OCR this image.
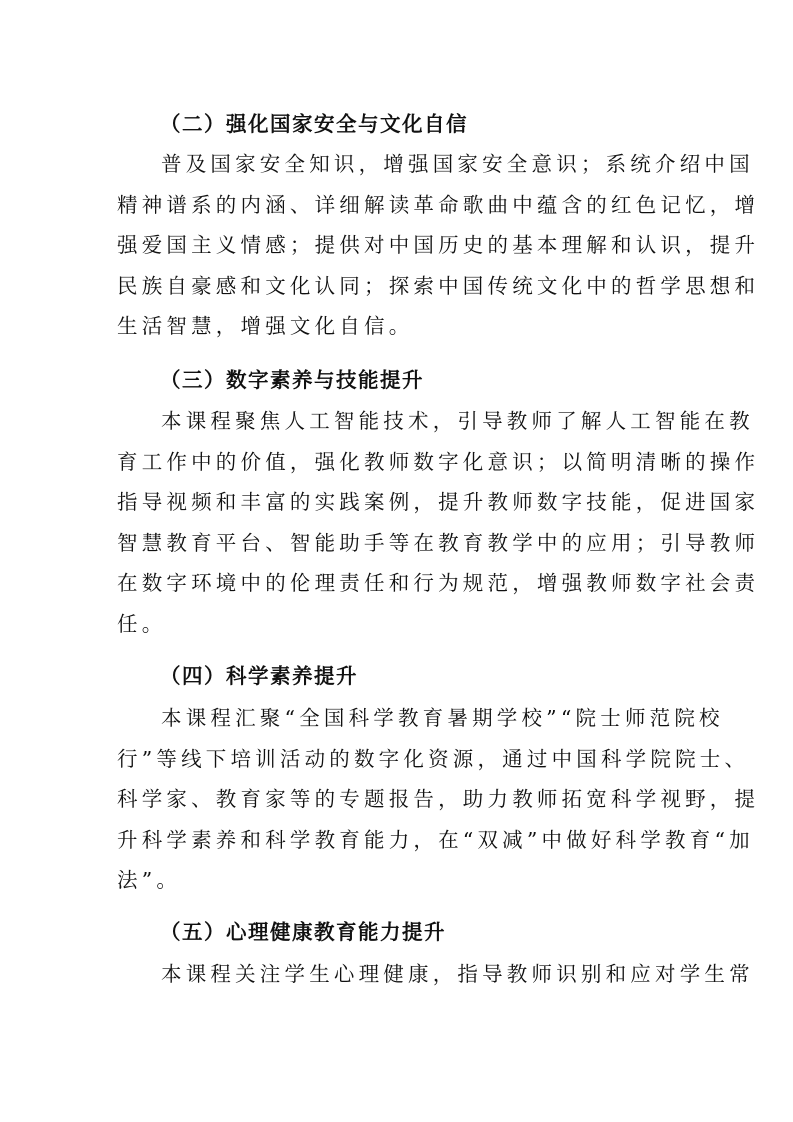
（二）强化国家安全与文化自信
普及国家安全知识，增强国家安全意识；系统介绍中国
精神谱系的内涵、详细解读革命歌曲中蕴含的红色记忆，增
强爱国主义情感；提供对中国历史的基本理解和认识，提升
民族自豪感和文化认同；探索中国传统文化中的哲学思想和
生活智慧，增强文化自信。
（三）数字素养与技能提升
本课程聚焦人工智能技术，引导教师了解人工智能在教
育工作中的价值，强化教师数字化意识；以简明清晰的操作
指导视频和丰富的实践案例，提升教师数字技能，促进国家
智慧教育平台、智能助手等在教育教学中的应用；引导教师
在数字环境中的伦理责任和行为规范，增强教师数字社会责
任。
（四）科学素养提升
本课程汇聚“全国科学教育暑期学校”“院士师范院校
行”等线下培训活动的数字化资源，通过中国科学院院士、
科学家、教育家等的专题报告，助力教师拓宽科学视野，提
升科学素养和科学教育能力，在“双减”中做好科学教育“加
法”。
（五）心理健康教育能力提升
本课程关注学生心理健康，指导教师识别和应对学生常
